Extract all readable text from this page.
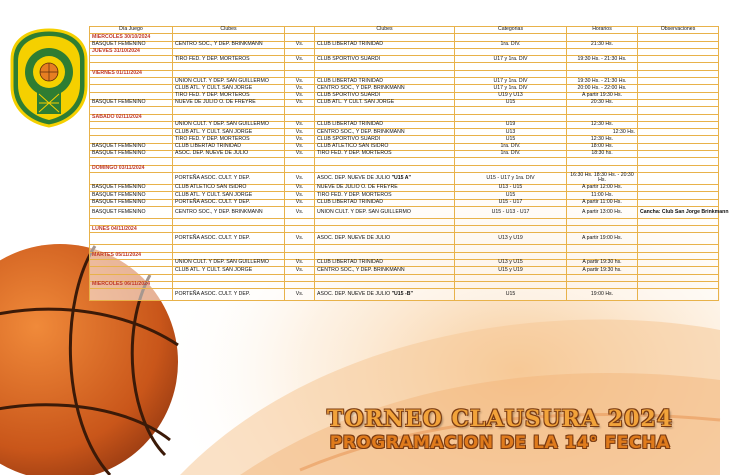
Día Juego	Clubes		Clubes	Categorias	Horarios	Observaciones
MIERCOLES 30/10/2024						
BASQUET FEMENINO	CENTRO SOC., Y DEP. BRINKMANN	Vs.	CLUB LIBERTAD TRINIDAD	1ra. DIV.	21:30 Hs.	
JUEVES 31/10/2024						
	TIRO FED. Y DEP. MORTEROS	Vs.	CLUB SPORTIVO SUARDI	U17 y 1ra. DIV	19:30 Hs. - 21:30 Hs.	

VIERNES 01/11/2024						
	UNION CULT. Y DEP. SAN GUILLERMO	Vs.	CLUB LIBERTAD TRINIDAD	U17 y 1ra. DIV	19:30 Hs. - 21:30 Hs.	
	CLUB ATL. Y CULT. SAN JORGE	Vs.	CENTRO SOC., Y DEP. BRINKMANN	U17 y 1ra. DIV	20:00 Hs. - 22:00 Hs.	
	TIRO FED. Y DEP. MORTEROS	Vs.	CLUB SPORTIVO SUARDI	U19 y U13	A partir 19:30 Hs.	
BASQUET FEMENINO	NUEVE DE JULIO O. DE FREYRE	Vs.	CLUB ATL. Y CULT. SAN JORGE	U15	20:30 Hs.	

SABADO 02/11/2024						
	UNION CULT. Y DEP. SAN GUILLERMO	Vs.	CLUB LIBERTAD TRINIDAD	U19	12:30 Hs.	
	CLUB ATL. Y CULT. SAN JORGE	Vs.	CENTRO SOC., Y DEP. BRINKMANN	U13	12:30 Hs.	
	TIRO FED. Y DEP. MORTEROS	Vs.	CLUB SPORTIVO SUARDI	U15	12:30 Hs.	
BASQUET FEMENINO	CLUB LIBERTAD TRINIDAD	Vs.	CLUB ATLETICO SAN ISIDRO	1ra. DIV.	18:00 Hs.	
BASQUET FEMENINO	ASOC. DEP. NUEVE DE JULIO	Vs.	TIRO FED. Y DEP. MORTEROS	1ra. DIV.	18:30 hs.	

DOMINGO 03/11/2024						
	PORTEÑA ASOC. CULT. Y DEP.	Vs.	ASOC. DEP. NUEVE DE JULIO "U15 A"	U15 - U17 y 1ra. DIV	16:30 Hs. 18:30 Hs. - 20:30 Hs.	
BASQUET FEMENINO	CLUB ATLETICO SAN ISIDRO	Vs.	NUEVE DE JULIO O. DE FREYRE	U13 - U15	A partir 12:00 Hs.	
BASQUET FEMENINO	CLUB ATL. Y CULT. SAN JORGE	Vs.	TIRO FED. Y DEP. MORTEROS	U15	11:00 Hs.	
BASQUET FEMENINO	PORTEÑA ASOC. CULT. Y DEP.	Vs.	CLUB LIBERTAD TRINIDAD	U15 - U17	A partir 11:00 Hs.	
BASQUET FEMENINO	CENTRO SOC., Y DEP. BRINKMANN	Vs.	UNION CULT. Y DEP. SAN GUILLERMO	U15 - U13 - U17	A partir 13:00 Hs.	Cancha: Club San Jorge Brinkmann

LUNES 04/11/2024						
	PORTEÑA ASOC. CULT. Y DEP.	Vs.	ASOC. DEP. NUEVE DE JULIO	U13 y U19	A partir 19:00 Hs.	

MARTES 05/11/2024						
	UNION CULT. Y DEP. SAN GUILLERMO	Vs.	CLUB LIBERTAD TRINIDAD	U13 y U15	A partir 19:30 hs.	
	CLUB ATL. Y CULT. SAN JORGE	Vs.	CENTRO SOC., Y DEP. BRINKMANN	U15 y U19	A partir 19:30 hs.	

MIERCOLES 06/11/2024						
	PORTEÑA ASOC. CULT. Y DEP.	Vs.	ASOC. DEP. NUEVE DE JULIO "U15 -B"	U15	19:00 Hs.	
TORNEO CLAUSURA 2024
PROGRAMACION DE LA 14° FECHA
